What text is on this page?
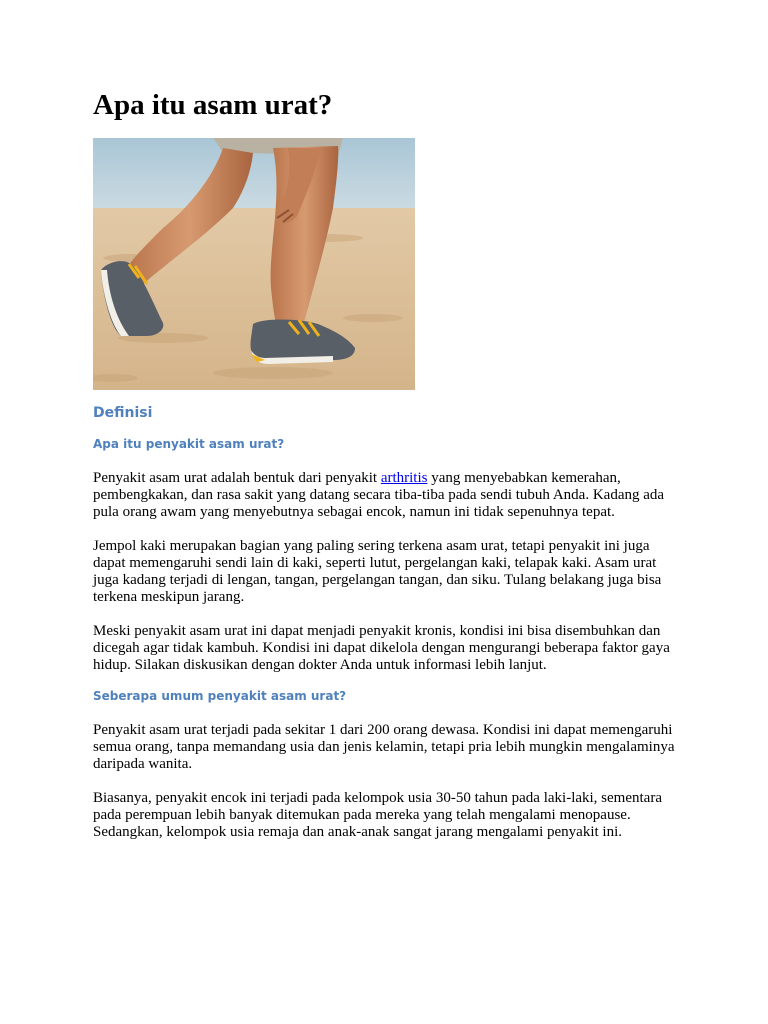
Apa itu asam urat?
Definisi
Apa itu penyakit asam urat?

Penyakit asam urat adalah bentuk dari penyakit arthritis yang menyebabkan kemerahan, pembengkakan, dan rasa sakit yang datang secara tiba-tiba pada sendi tubuh Anda. Kadang ada pula orang awam yang menyebutnya sebagai encok, namun ini tidak sepenuhnya tepat.

Jempol kaki merupakan bagian yang paling sering terkena asam urat, tetapi penyakit ini juga dapat memengaruhi sendi lain di kaki, seperti lutut, pergelangan kaki, telapak kaki. Asam urat juga kadang terjadi di lengan, tangan, pergelangan tangan, dan siku. Tulang belakang juga bisa terkena meskipun jarang.

Meski penyakit asam urat ini dapat menjadi penyakit kronis, kondisi ini bisa disembuhkan dan dicegah agar tidak kambuh. Kondisi ini dapat dikelola dengan mengurangi beberapa faktor gaya hidup. Silakan diskusikan dengan dokter Anda untuk informasi lebih lanjut.

Seberapa umum penyakit asam urat?

Penyakit asam urat terjadi pada sekitar 1 dari 200 orang dewasa. Kondisi ini dapat memengaruhi semua orang, tanpa memandang usia dan jenis kelamin, tetapi pria lebih mungkin mengalaminya daripada wanita.

Biasanya, penyakit encok ini terjadi pada kelompok usia 30-50 tahun pada laki-laki, sementara pada perempuan lebih banyak ditemukan pada mereka yang telah mengalami menopause. Sedangkan, kelompok usia remaja dan anak-anak sangat jarang mengalami penyakit ini.
